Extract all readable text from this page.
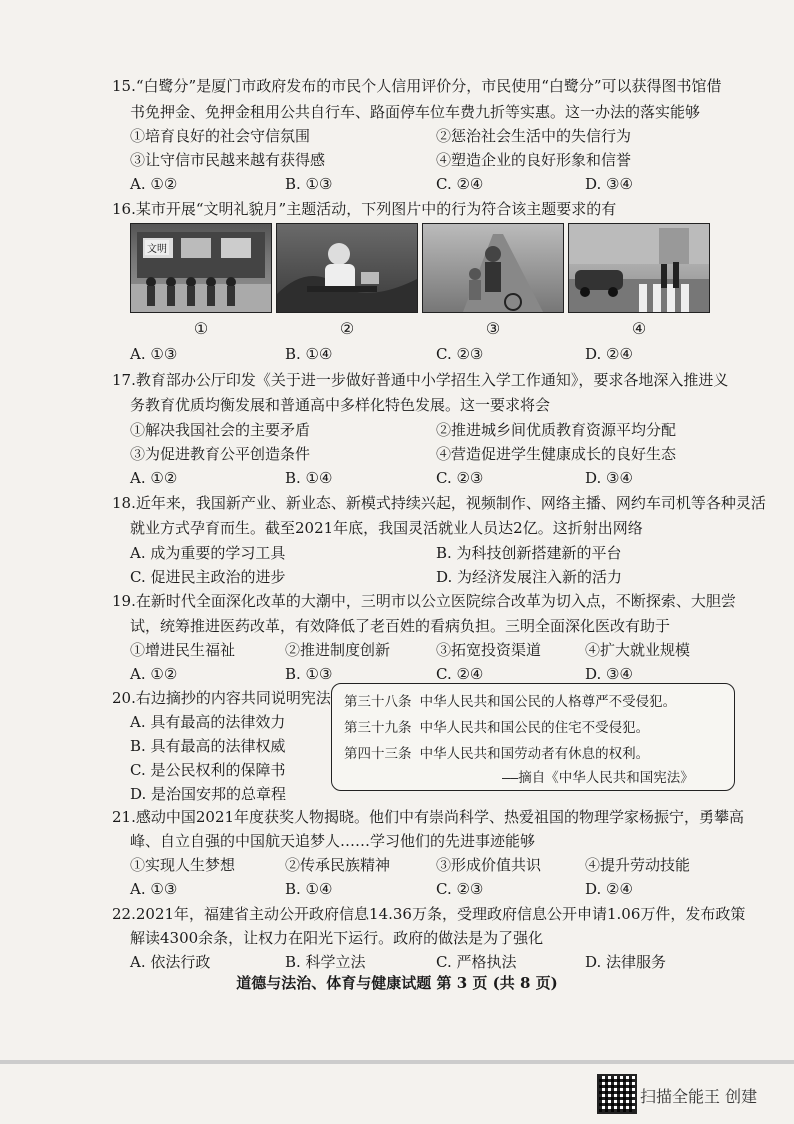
15.“白鹭分”是厦门市政府发布的市民个人信用评价分，市民使用“白鹭分”可以获得图书馆借
书免押金、免押金租用公共自行车、路面停车位车费九折等实惠。这一办法的落实能够
①培育良好的社会守信氛围	②惩治社会生活中的失信行为
③让守信市民越来越有获得感	④塑造企业的良好形象和信誉
A. ①②	B. ①③	C. ②④	D. ③④
16.某市开展“文明礼貌月”主题活动，下列图片中的行为符合该主题要求的有
文明
①	②	③	④
A. ①③	B. ①④	C. ②③	D. ②④
17.教育部办公厅印发《关于进一步做好普通中小学招生入学工作通知》，要求各地深入推进义
务教育优质均衡发展和普通高中多样化特色发展。这一要求将会
①解决我国社会的主要矛盾	②推进城乡间优质教育资源平均分配
③为促进教育公平创造条件	④营造促进学生健康成长的良好生态
A. ①②	B. ①④	C. ②③	D. ③④
18.近年来，我国新产业、新业态、新模式持续兴起，视频制作、网络主播、网约车司机等各种灵活
就业方式孕育而生。截至2021年底，我国灵活就业人员达2亿。这折射出网络
A. 成为重要的学习工具	B. 为科技创新搭建新的平台
C. 促进民主政治的进步	D. 为经济发展注入新的活力
19.在新时代全面深化改革的大潮中，三明市以公立医院综合改革为切入点，不断探索、大胆尝
试，统筹推进医药改革，有效降低了老百姓的看病负担。三明全面深化医改有助于
①增进民生福祉	②推进制度创新	③拓宽投资渠道	④扩大就业规模
A. ①②	B. ①③	C. ②④	D. ③④
20.右边摘抄的内容共同说明宪法
A. 具有最高的法律效力
B. 具有最高的法律权威
C. 是公民权利的保障书
D. 是治国安邦的总章程
第三十八条 中华人民共和国公民的人格尊严不受侵犯。
第三十九条 中华人民共和国公民的住宅不受侵犯。
第四十三条 中华人民共和国劳动者有休息的权利。
——摘自《中华人民共和国宪法》
21.感动中国2021年度获奖人物揭晓。他们中有崇尚科学、热爱祖国的物理学家杨振宁，勇攀高
峰、自立自强的中国航天追梦人……学习他们的先进事迹能够
①实现人生梦想	②传承民族精神	③形成价值共识	④提升劳动技能
A. ①③	B. ①④	C. ②③	D. ②④
22.2021年，福建省主动公开政府信息14.36万条，受理政府信息公开申请1.06万件，发布政策
解读4300余条，让权力在阳光下运行。政府的做法是为了强化
A. 依法行政	B. 科学立法	C. 严格执法	D. 法律服务
道德与法治、体育与健康试题 第 3 页 (共 8 页)
扫描全能王 创建
